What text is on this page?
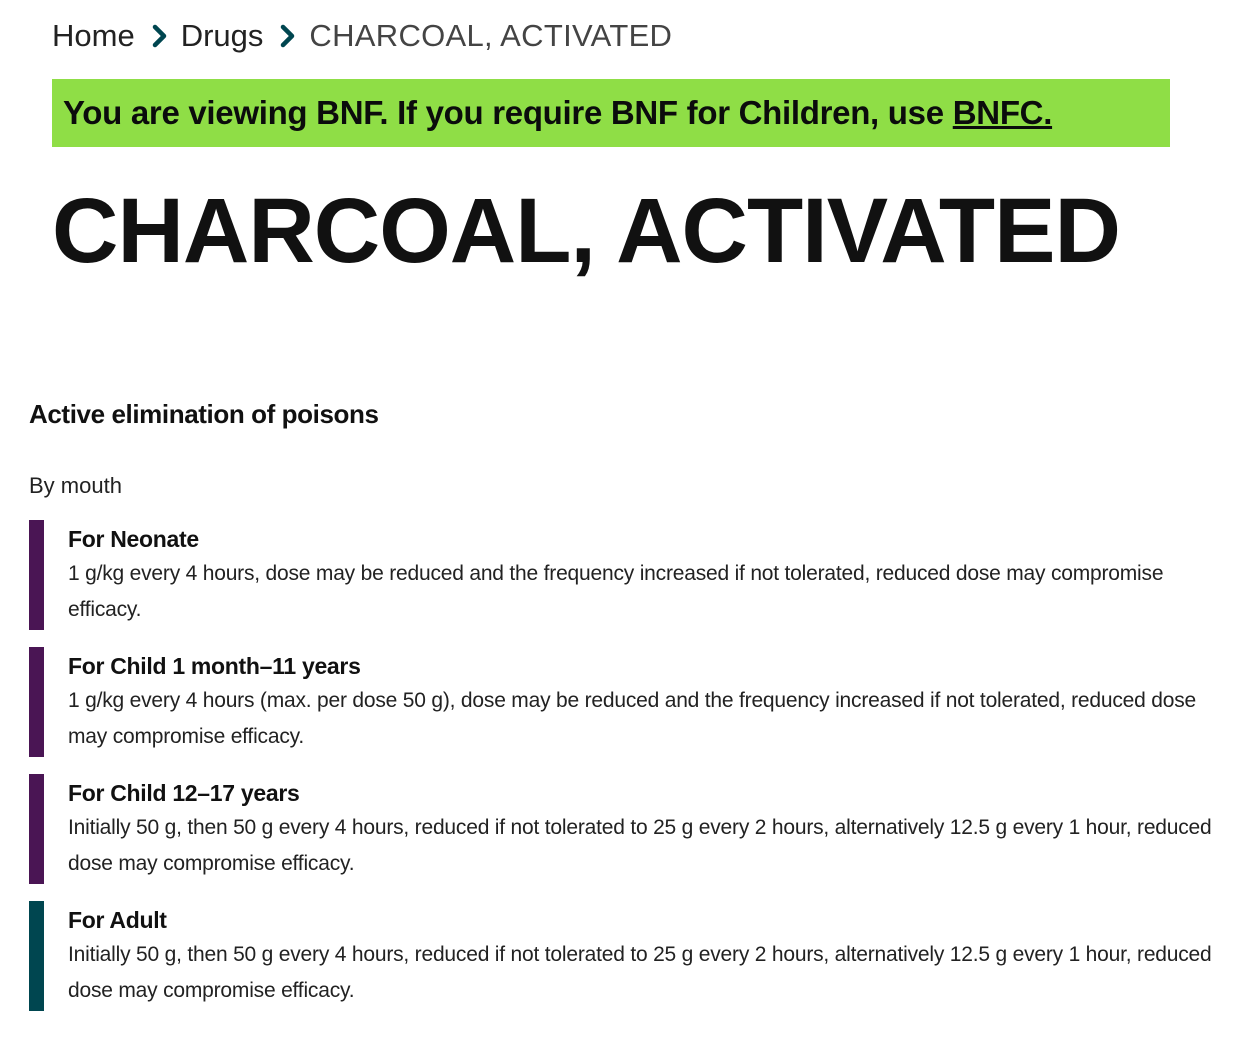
Home Drugs CHARCOAL, ACTIVATED
You are viewing BNF. If you require BNF for Children, use BNFC.
CHARCOAL, ACTIVATED
Active elimination of poisons
By mouth
For Neonate
1 g/kg every 4 hours, dose may be reduced and the frequency increased if not tolerated, reduced dose may compromise efficacy.
For Child 1 month–11 years
1 g/kg every 4 hours (max. per dose 50 g), dose may be reduced and the frequency increased if not tolerated, reduced dose may compromise efficacy.
For Child 12–17 years
Initially 50 g, then 50 g every 4 hours, reduced if not tolerated to 25 g every 2 hours, alternatively 12.5 g every 1 hour, reduced dose may compromise efficacy.
For Adult
Initially 50 g, then 50 g every 4 hours, reduced if not tolerated to 25 g every 2 hours, alternatively 12.5 g every 1 hour, reduced dose may compromise efficacy.
